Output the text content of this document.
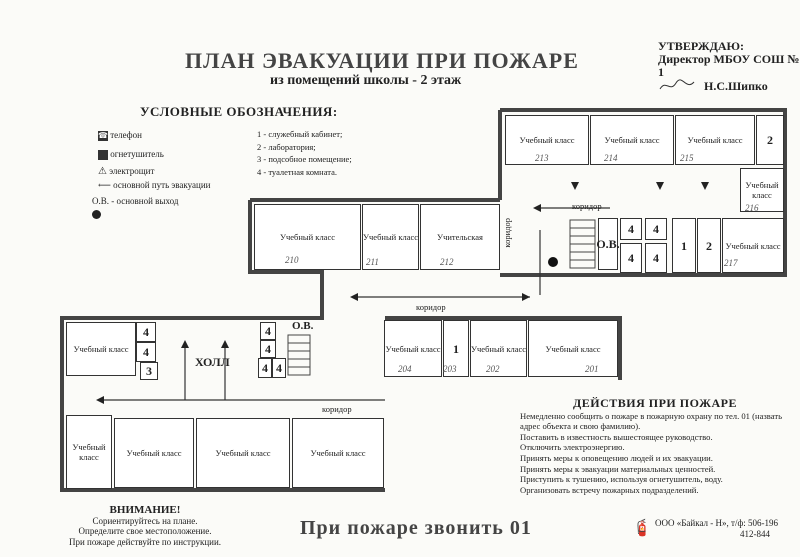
ПЛАН ЭВАКУАЦИИ ПРИ ПОЖАРЕ
из помещений школы - 2 этаж
УТВЕРЖДАЮ:
Директор МБОУ СОШ № 1
Н.С.Шипко
УСЛОВНЫЕ ОБОЗНАЧЕНИЯ:
☎ телефон
огнетушитель
⚠ электрощит
⟵ основной путь эвакуации
О.В. - основной выход
1 - служебный кабинет;
2 - лаборатория;
3 - подсобное помещение;
4 - туалетная комната.
Учебный класс
213
Учебный класс
214
Учебный класс
215
2
Учебный класс
216
коридор
О.В.
4 4
4 4
1 2 Учебный класс
217
Учебный класс
210
Учебный класс
211
Учительская
212
коридор
коридор
Учебный класс
204
1
203
Учебный класс
202
Учебный класс
201
Учебный класс
4
4
3
ХОЛЛ
4
4
4 4
О.В.
коридор
Учебный класс	Учебный класс	Учебный класс	Учебный класс
ДЕЙСТВИЯ ПРИ ПОЖАРЕ

Немедленно сообщить о пожаре в пожарную охрану по тел. 01 (назвать адрес объекта и свою фамилию).

Поставить в известность вышестоящее руководство.

Отключить электроэнергию.

Принять меры к оповещению людей и их эвакуации.

Принять меры к эвакуации материальных ценностей.

Приступить к тушению, используя огнетушитель, воду.

Организовать встречу пожарных подразделений.

ВНИМАНИЕ!
Сориентируйтесь на плане.
Определите свое местоположение.
При пожаре действуйте по инструкции.
При пожаре звонить 01	🧯 ООО «Байкал - Н», т/ф: 506-196
412-844
